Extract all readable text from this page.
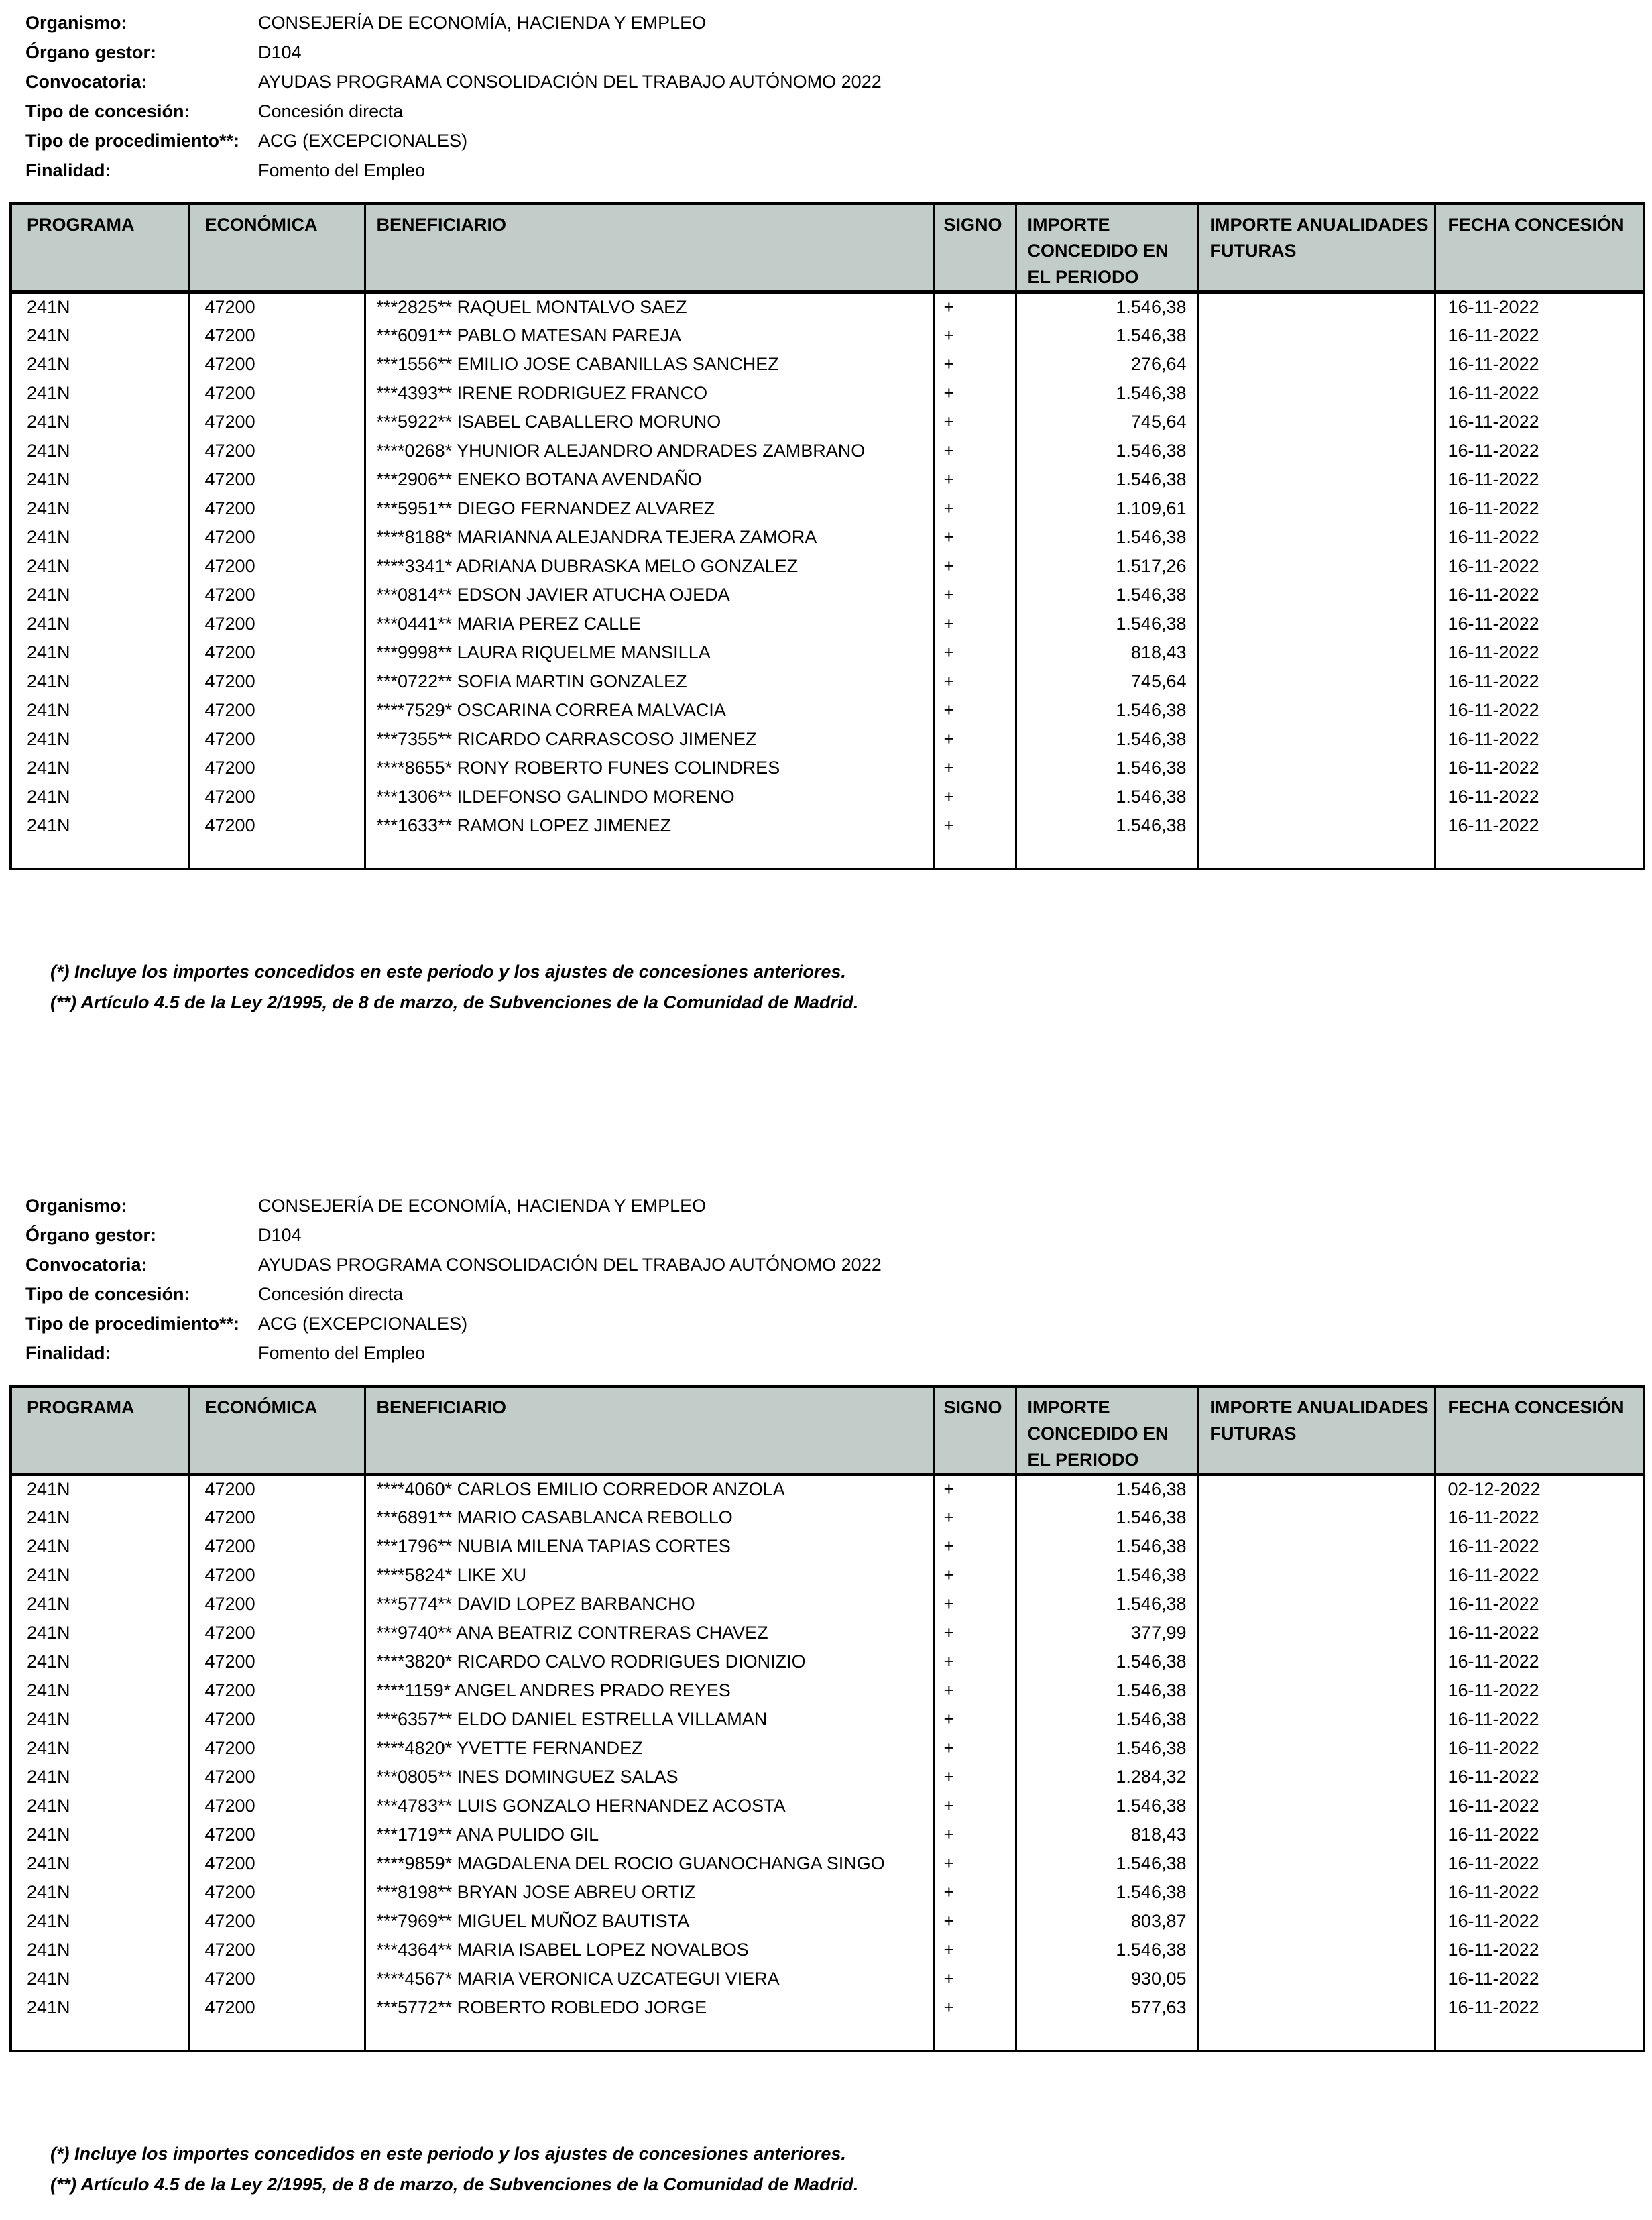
Organismo:	CONSEJERÍA DE ECONOMÍA, HACIENDA Y EMPLEO
Órgano gestor:	D104
Convocatoria:	AYUDAS PROGRAMA CONSOLIDACIÓN DEL TRABAJO AUTÓNOMO 2022
Tipo de concesión:	Concesión directa
Tipo de procedimiento**:	ACG (EXCEPCIONALES)
Finalidad:	Fomento del Empleo
PROGRAMA	ECONÓMICA	BENEFICIARIO	SIGNO	IMPORTE CONCEDIDO EN EL PERIODO	IMPORTE ANUALIDADES FUTURAS	FECHA CONCESIÓN
241N	47200	***2825** RAQUEL MONTALVO SAEZ	+	1.546,38		16-11-2022
241N	47200	***6091** PABLO MATESAN PAREJA	+	1.546,38		16-11-2022
241N	47200	***1556** EMILIO JOSE CABANILLAS SANCHEZ	+	276,64		16-11-2022
241N	47200	***4393** IRENE RODRIGUEZ FRANCO	+	1.546,38		16-11-2022
241N	47200	***5922** ISABEL CABALLERO MORUNO	+	745,64		16-11-2022
241N	47200	****0268* YHUNIOR ALEJANDRO ANDRADES ZAMBRANO	+	1.546,38		16-11-2022
241N	47200	***2906** ENEKO BOTANA AVENDAÑO	+	1.546,38		16-11-2022
241N	47200	***5951** DIEGO FERNANDEZ ALVAREZ	+	1.109,61		16-11-2022
241N	47200	****8188* MARIANNA ALEJANDRA TEJERA ZAMORA	+	1.546,38		16-11-2022
241N	47200	****3341* ADRIANA DUBRASKA MELO GONZALEZ	+	1.517,26		16-11-2022
241N	47200	***0814** EDSON JAVIER ATUCHA OJEDA	+	1.546,38		16-11-2022
241N	47200	***0441** MARIA PEREZ CALLE	+	1.546,38		16-11-2022
241N	47200	***9998** LAURA RIQUELME MANSILLA	+	818,43		16-11-2022
241N	47200	***0722** SOFIA MARTIN GONZALEZ	+	745,64		16-11-2022
241N	47200	****7529* OSCARINA CORREA MALVACIA	+	1.546,38		16-11-2022
241N	47200	***7355** RICARDO CARRASCOSO JIMENEZ	+	1.546,38		16-11-2022
241N	47200	****8655* RONY ROBERTO FUNES COLINDRES	+	1.546,38		16-11-2022
241N	47200	***1306** ILDEFONSO GALINDO MORENO	+	1.546,38		16-11-2022
241N	47200	***1633** RAMON LOPEZ JIMENEZ	+	1.546,38		16-11-2022

(*) Incluye los importes concedidos en este periodo y los ajustes de concesiones anteriores.
(**) Artículo 4.5 de la Ley 2/1995, de 8 de marzo, de Subvenciones de la Comunidad de Madrid.
Organismo:	CONSEJERÍA DE ECONOMÍA, HACIENDA Y EMPLEO
Órgano gestor:	D104
Convocatoria:	AYUDAS PROGRAMA CONSOLIDACIÓN DEL TRABAJO AUTÓNOMO 2022
Tipo de concesión:	Concesión directa
Tipo de procedimiento**:	ACG (EXCEPCIONALES)
Finalidad:	Fomento del Empleo
PROGRAMA	ECONÓMICA	BENEFICIARIO	SIGNO	IMPORTE CONCEDIDO EN EL PERIODO	IMPORTE ANUALIDADES FUTURAS	FECHA CONCESIÓN
241N	47200	****4060* CARLOS EMILIO CORREDOR ANZOLA	+	1.546,38		02-12-2022
241N	47200	***6891** MARIO CASABLANCA REBOLLO	+	1.546,38		16-11-2022
241N	47200	***1796** NUBIA MILENA TAPIAS CORTES	+	1.546,38		16-11-2022
241N	47200	****5824* LIKE XU	+	1.546,38		16-11-2022
241N	47200	***5774** DAVID LOPEZ BARBANCHO	+	1.546,38		16-11-2022
241N	47200	***9740** ANA BEATRIZ CONTRERAS CHAVEZ	+	377,99		16-11-2022
241N	47200	****3820* RICARDO CALVO RODRIGUES DIONIZIO	+	1.546,38		16-11-2022
241N	47200	****1159* ANGEL ANDRES PRADO REYES	+	1.546,38		16-11-2022
241N	47200	***6357** ELDO DANIEL ESTRELLA VILLAMAN	+	1.546,38		16-11-2022
241N	47200	****4820* YVETTE FERNANDEZ	+	1.546,38		16-11-2022
241N	47200	***0805** INES DOMINGUEZ SALAS	+	1.284,32		16-11-2022
241N	47200	***4783** LUIS GONZALO HERNANDEZ ACOSTA	+	1.546,38		16-11-2022
241N	47200	***1719** ANA PULIDO GIL	+	818,43		16-11-2022
241N	47200	****9859* MAGDALENA DEL ROCIO GUANOCHANGA SINGO	+	1.546,38		16-11-2022
241N	47200	***8198** BRYAN JOSE ABREU ORTIZ	+	1.546,38		16-11-2022
241N	47200	***7969** MIGUEL MUÑOZ BAUTISTA	+	803,87		16-11-2022
241N	47200	***4364** MARIA ISABEL LOPEZ NOVALBOS	+	1.546,38		16-11-2022
241N	47200	****4567* MARIA VERONICA UZCATEGUI VIERA	+	930,05		16-11-2022
241N	47200	***5772** ROBERTO ROBLEDO JORGE	+	577,63		16-11-2022

(*) Incluye los importes concedidos en este periodo y los ajustes de concesiones anteriores.
(**) Artículo 4.5 de la Ley 2/1995, de 8 de marzo, de Subvenciones de la Comunidad de Madrid.
